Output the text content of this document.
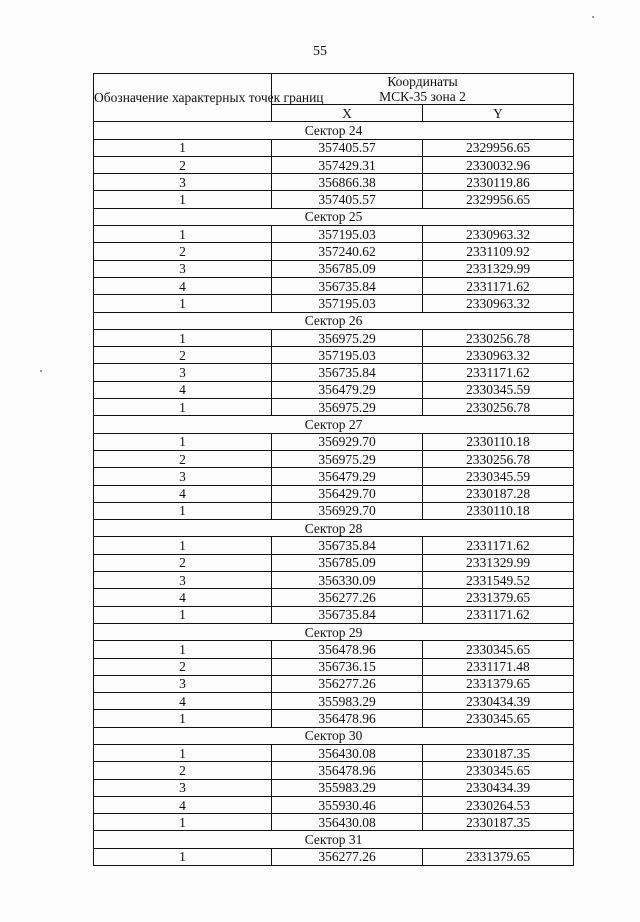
55
Обозначение характерных точек границ	Координаты
МСК-35 зона 2	
	X	Y
Сектор 24		
1	357405.57	2329956.65
2	357429.31	2330032.96
3	356866.38	2330119.86
1	357405.57	2329956.65
Сектор 25		
1	357195.03	2330963.32
2	357240.62	2331109.92
3	356785.09	2331329.99
4	356735.84	2331171.62
1	357195.03	2330963.32
Сектор 26		
1	356975.29	2330256.78
2	357195.03	2330963.32
3	356735.84	2331171.62
4	356479.29	2330345.59
1	356975.29	2330256.78
Сектор 27		
1	356929.70	2330110.18
2	356975.29	2330256.78
3	356479.29	2330345.59
4	356429.70	2330187.28
1	356929.70	2330110.18
Сектор 28		
1	356735.84	2331171.62
2	356785.09	2331329.99
3	356330.09	2331549.52
4	356277.26	2331379.65
1	356735.84	2331171.62
Сектор 29		
1	356478.96	2330345.65
2	356736.15	2331171.48
3	356277.26	2331379.65
4	355983.29	2330434.39
1	356478.96	2330345.65
Сектор 30		
1	356430.08	2330187.35
2	356478.96	2330345.65
3	355983.29	2330434.39
4	355930.46	2330264.53
1	356430.08	2330187.35
Сектор 31		
1	356277.26	2331379.65
